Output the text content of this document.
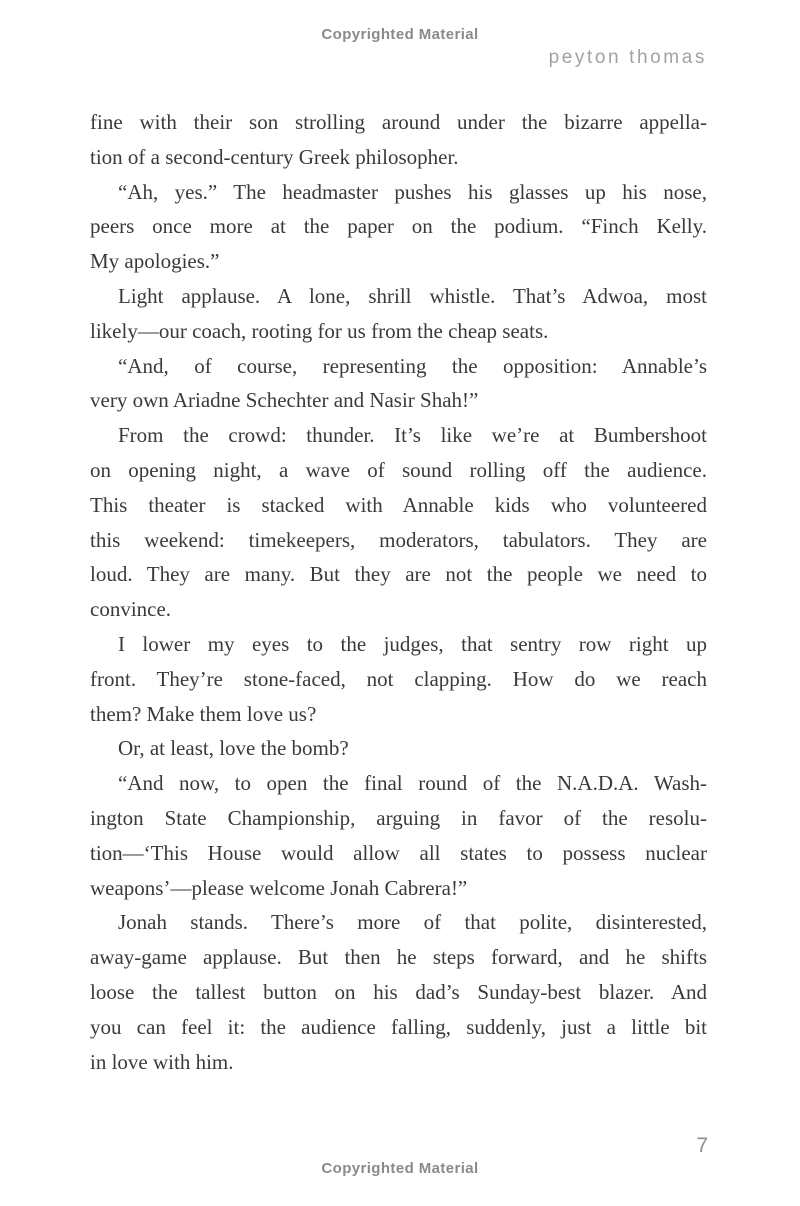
Copyrighted Material
peyton thomas
fine with their son strolling around under the bizarre appella-
tion of a second-century Greek philosopher.
“Ah, yes.” The headmaster pushes his glasses up his nose,
peers once more at the paper on the podium. “Finch Kelly.
My apologies.”
Light applause. A lone, shrill whistle. That’s Adwoa, most
likely—our coach, rooting for us from the cheap seats.
“And, of course, representing the opposition: Annable’s
very own Ariadne Schechter and Nasir Shah!”
From the crowd: thunder. It’s like we’re at Bumbershoot
on opening night, a wave of sound rolling off the audience.
This theater is stacked with Annable kids who volunteered
this weekend: timekeepers, moderators, tabulators. They are
loud. They are many. But they are not the people we need to
convince.
I lower my eyes to the judges, that sentry row right up
front. They’re stone-faced, not clapping. How do we reach
them? Make them love us?
Or, at least, love the bomb?
“And now, to open the final round of the N.A.D.A. Wash-
ington State Championship, arguing in favor of the resolu-
tion—‘This House would allow all states to possess nuclear
weapons’—please welcome Jonah Cabrera!”
Jonah stands. There’s more of that polite, disinterested,
away-game applause. But then he steps forward, and he shifts
loose the tallest button on his dad’s Sunday-best blazer. And
you can feel it: the audience falling, suddenly, just a little bit
in love with him.
7
Copyrighted Material
